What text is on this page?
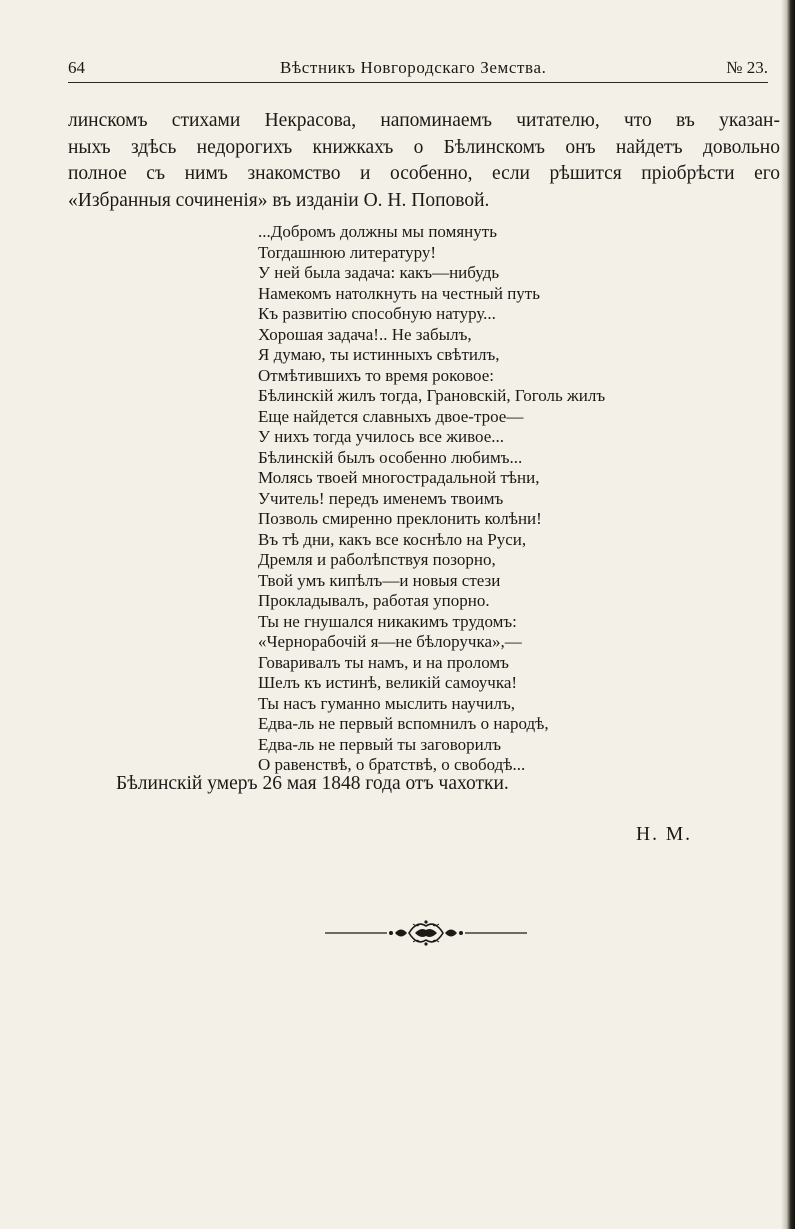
64	Вѣстникъ Новгородскаго Земства.	№ 23.
линскомъ стихами Некрасова, напоминаемъ читателю, что въ указан-
ныхъ здѣсь недорогихъ книжкахъ о Бѣлинскомъ онъ найдетъ довольно
полное съ нимъ знакомство и особенно, если рѣшится пріобрѣсти его
«Избранныя сочиненія» въ изданіи О. Н. Поповой.
...Добромъ должны мы помянуть
Тогдашнюю литературу!
У ней была задача: какъ—нибудь
Намекомъ натолкнуть на честный путь
Къ развитію способную натуру...
Хорошая задача!.. Не забылъ,
Я думаю, ты истинныхъ свѣтилъ,
Отмѣтившихъ то время роковое:
Бѣлинскій жилъ тогда, Грановскій, Гоголь жилъ
Еще найдется славныхъ двое-трое—
У нихъ тогда училось все живое...
Бѣлинскій былъ особенно любимъ...
Молясь твоей многострадальной тѣни,
Учитель! передъ именемъ твоимъ
Позволь смиренно преклонить колѣни!
Въ тѣ дни, какъ все коснѣло на Руси,
Дремля и раболѣпствуя позорно,
Твой умъ кипѣлъ—и новыя стези
Прокладывалъ, работая упорно.
Ты не гнушался никакимъ трудомъ:
«Чернорабочій я—не бѣлоручка»,—
Говаривалъ ты намъ, и на проломъ
Шелъ къ истинѣ, великій самоучка!
Ты насъ гуманно мыслить научилъ,
Едва-ль не первый вспомнилъ о народѣ,
Едва-ль не первый ты заговорилъ
О равенствѣ, о братствѣ, о свободѣ...
Бѣлинскій умеръ 26 мая 1848 года отъ чахотки.
Н. М.
